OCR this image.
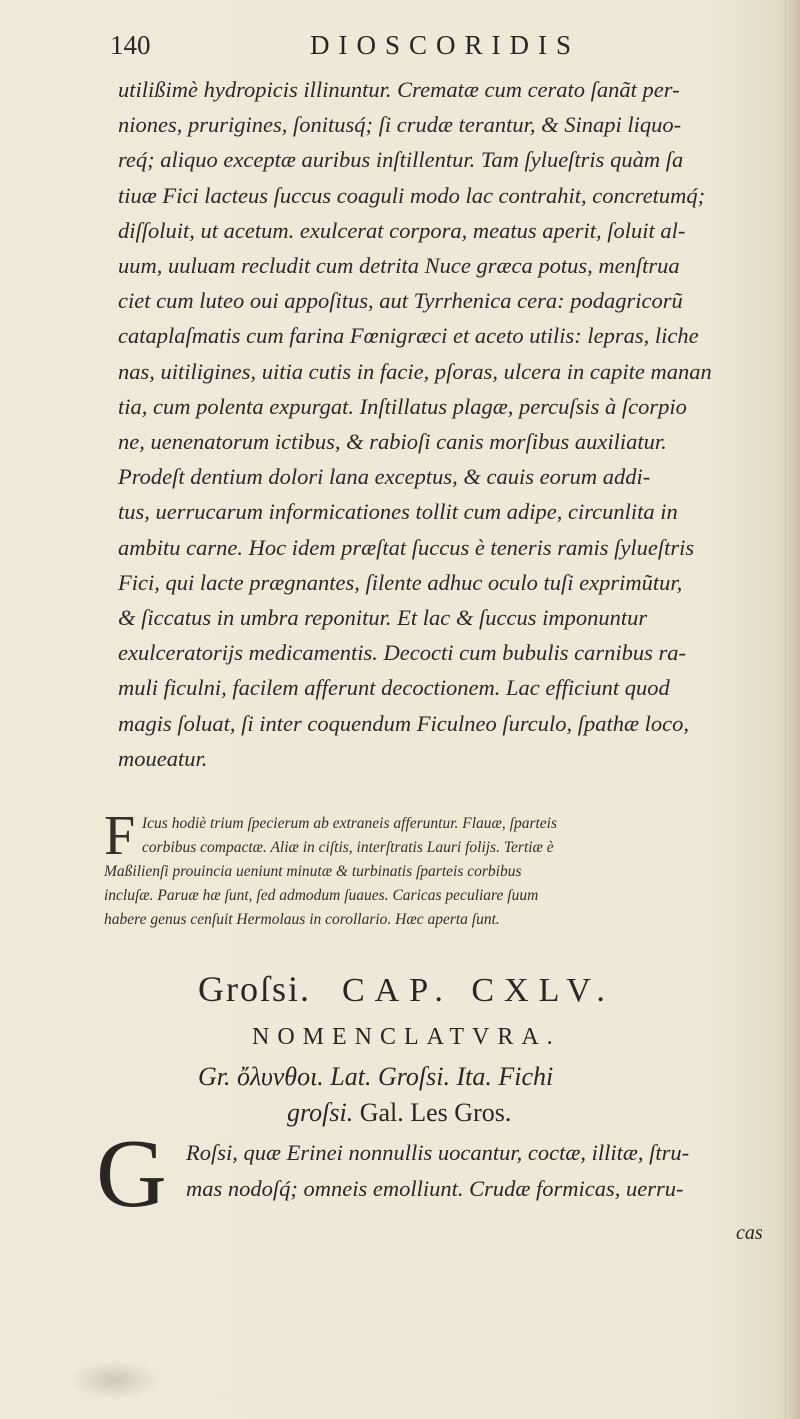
140	DIOSCORIDIS
utilißimè hydropicis illinuntur. Crematæ cum cerato ſanãt per-
niones, prurigines, ſonitusq́; ſi crudæ terantur, & Sinapi liquo-
req́; aliquo exceptæ auribus inſtillentur. Tam ſylueſtris quàm ſa
tiuæ Fici lacteus ſuccus coaguli modo lac contrahit, concretumq́;
diſſoluit, ut acetum. exulcerat corpora, meatus aperit, ſoluit al-
uum, uuluam recludit cum detrita Nuce græca potus, menſtrua
ciet cum luteo oui appoſitus, aut Tyrrhenica cera: podagricorũ
cataplaſmatis cum farina Fœnigræci et aceto utilis: lepras, liche
nas, uitiligines, uitia cutis in facie, pſoras, ulcera in capite manan
tia, cum polenta expurgat. Inſtillatus plagæ, percuſsis à ſcorpio
ne, uenenatorum ictibus, & rabioſi canis morſibus auxiliatur.
Prodeſt dentium dolori lana exceptus, & cauis eorum addi-
tus, uerrucarum informicationes tollit cum adipe, circunlita in
ambitu carne. Hoc idem præſtat ſuccus è teneris ramis ſylueſtris
Fici, qui lacte prægnantes, ſilente adhuc oculo tuſi exprimũtur,
& ſiccatus in umbra reponitur. Et lac & ſuccus imponuntur
exulceratorijs medicamentis. Decocti cum bubulis carnibus ra-
muli ficulni, facilem afferunt decoctionem. Lac efficiunt quod
magis ſoluat, ſi inter coquendum Ficulneo ſurculo, ſpathæ loco,
moueatur.
F Icus hodiè trium ſpecierum ab extraneis afferuntur. Flauæ, ſparteis
corbibus compactæ. Aliæ in ciſtis, interſtratis Lauri folijs. Tertiæ è
Maßilienſi prouincia ueniunt minutæ & turbinatis ſparteis corbibus
incluſæ. Paruæ hæ ſunt, ſed admodum ſuaues. Caricas peculiare ſuum
habere genus cenſuit Hermolaus in corollario. Hæc aperta ſunt.
Groſsi. CAP. CXLV.
NOMENCLATVRA.
Gr. ὄλυνθοι. Lat. Groſsi. Ita. Fichi
groſsi. Gal. Les Gros.
G Roſsi, quæ Erinei nonnullis uocantur, coctæ, illitæ, ſtru-
mas nodoſq́; omneis emolliunt. Crudæ formicas, uerru-
cas
